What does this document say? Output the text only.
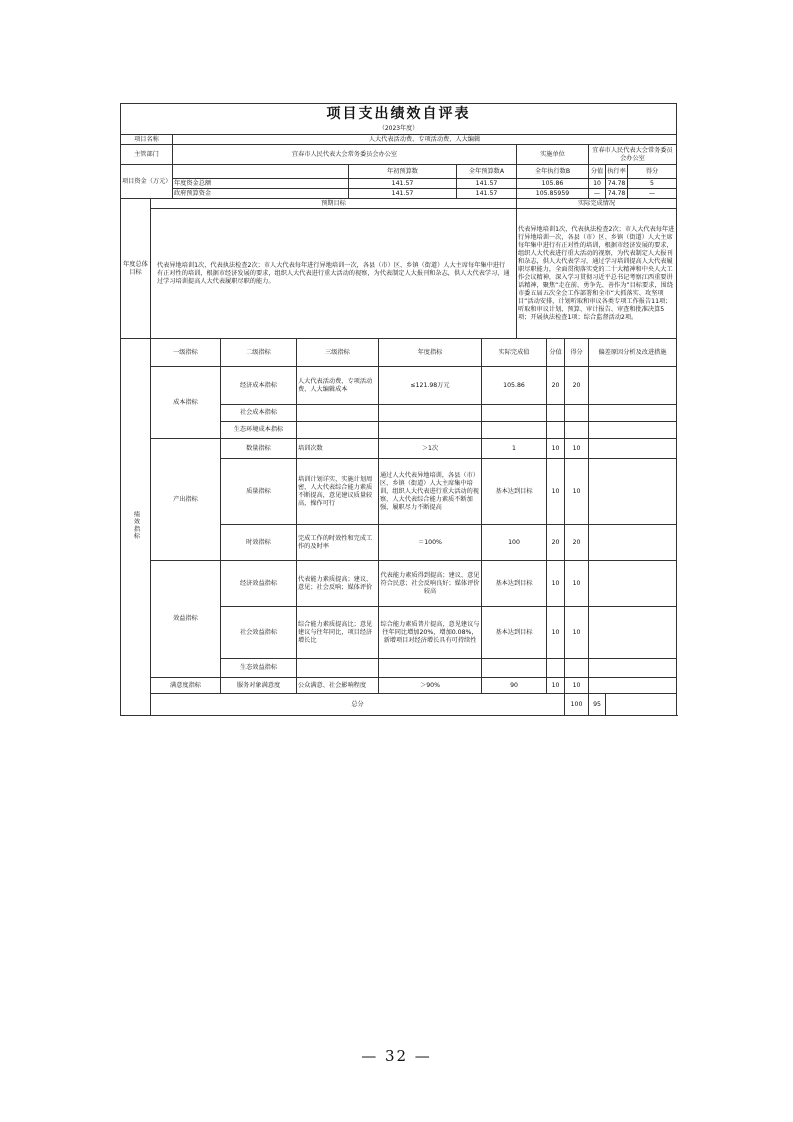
项目支出绩效自评表														
（2023年度）														
项目名称		人大代表活动费、专项活动费、人大编辑												
主管部门		宜春市人民代表大会常务委员会办公室							实施单位			宜春市人民代表大会常务委员会办公室		
项目资金（万元）					年初预算数		全年预算数A		全年执行数B			分值	执行率	得分
		年度资金总额			141.57		141.57		105.86			10	74.78	5
		政府预算资金			141.57		141.57		105.85959			—	74.78	—
年度总体目标	预期目标								实际完成情况					
	代表异地培训1次，代表执法检查2次；市人大代表每年进行异地培训一次，各县（市）区、乡镇（街道）人大主席每年集中进行有正对性的培训，根据市经济发展的要求，组织人大代表进行重大活动的视察，为代表制定人大报刊和杂志，供人大代表学习，通过学习培训提高人大代表履职尽职的能力。								代表异地培训1次，代表执法检查2次；市人大代表每年进行异地培训一次，各县（市）区、乡镇（街道）人大主席每年集中进行有正对性的培训，根据市经济发展的要求，组织人大代表进行重大活动的视察，为代表制定人大报刊和杂志，供人大代表学习，通过学习培训提高人大代表履职尽职能力，全面贯彻落实党的二十大精神和中央人大工作会议精神，深入学习贯彻习近平总书记考察江西重要讲话精神，聚焦“走在前、勇争先、善作为”目标要求，围绕市委五届五次全会工作部署和全市“大抓落实、攻坚项目”活动安排，计划听取和审议各类专项工作报告11项；听取和审议计划、预算、审计报告、审查和批准决算5项；开展执法检查1项；综合监督活动2项。					
绩效指标	一级指标		二级指标	三级指标		年度指标		实际完成值		分值	得分	偏差原因分析及改进措施		
	成本指标		经济成本指标	人大代表活动费、专项活动费、人大编辑成本		≤121.98万元		105.86		20	20			
			社会成本指标											
			生态环境成本指标											
	产出指标		数量指标	培训次数		＞1次		1		10	10			
			质量指标	培训计划详实，实施计划周密，人大代表综合能力素质不断提高，意见建议质量较高，操作可行		通过人大代表异地培训，各县（市）区、乡镇（街道）人大主席集中培训，组织人大代表进行重大活动的视察，人大代表综合能力素质不断加强，履职尽力不断提高		基本达到目标		10	10			
			时效指标	完成工作的时效性和完成工作的及时率		＝100%		100		20	20			
	效益指标		经济效益指标	代表能力素质提高；建议、意见；社会反响；媒体评价		代表能力素质得到提高；建议、意见符合民意；社会反响良好；媒体评价较高		基本达到目标		10	10			
			社会效益指标	综合能力素质提高比；意见建议与往年同比，项目经济增长比		综合能力素质普片提高，意见建议与往年同比增加20%，增加0.08%，新增项目对经济增长具有可持续性		基本达到目标		10	10			
			生态效益指标											
	满意度指标		服务对象满意度	公众满意、社会影响程度		＞90%		90		10	10			
	总分										100	95		
— 32 —
